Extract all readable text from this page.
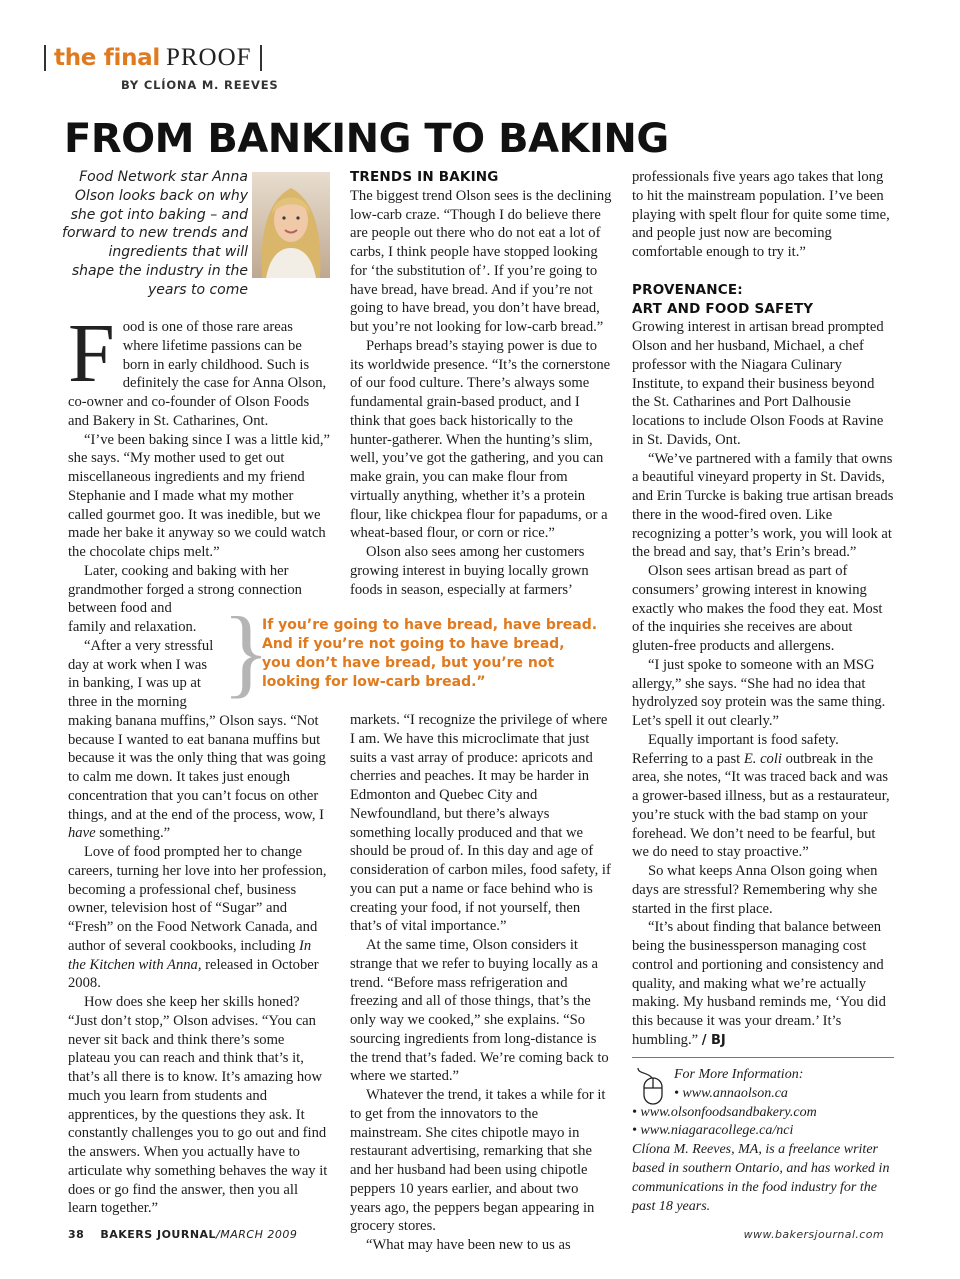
the final PROOF
BY CLÍONA M. REEVES
FROM BANKING TO BAKING
Food Network star Anna Olson looks back on why she got into baking – and forward to new trends and ingredients that will shape the industry in the years to come

Food is one of those rare areas where lifetime passions can be born in early childhood. Such is definitely the case for Anna Olson, co-owner and co-founder of Olson Foods and Bakery in St. Catharines, Ont.

“I’ve been baking since I was a little kid,” she says. “My mother used to get out miscellaneous ingredients and my friend Stephanie and I made what my mother called gourmet goo. It was inedible, but we made her bake it anyway so we could watch the chocolate chips melt.”

Later, cooking and baking with her grandmother forged a strong connection between food and

family and relaxation.

“After a very stressful

day at work when I was

in banking, I was up at

three in the morning

making banana muffins,” Olson says. “Not because I wanted to eat banana muffins but because it was the only thing that was going to calm me down. It takes just enough concentration that you can’t focus on other things, and at the end of the process, wow, I have something.”

Love of food prompted her to change careers, turning her love into her profession, becoming a professional chef, business owner, television host of “Sugar” and “Fresh” on the Food Network Canada, and author of several cookbooks, including In the Kitchen with Anna, released in October 2008.

How does she keep her skills honed? “Just don’t stop,” Olson advises. “You can never sit back and think there’s some plateau you can reach and think that’s it, that’s all there is to know. It’s amazing how much you learn from students and apprentices, by the questions they ask. It constantly challenges you to go out and find the answers. When you actually have to articulate why something behaves the way it does or go find the answer, then you all learn together.”

TRENDS IN BAKING

The biggest trend Olson sees is the declining low-carb craze. “Though I do believe there are people out there who do not eat a lot of carbs, I think people have stopped looking for ‘the substitution of’. If you’re going to have bread, have bread. And if you’re not going to have bread, you don’t have bread, but you’re not looking for low-carb bread.”

Perhaps bread’s staying power is due to its worldwide presence. “It’s the cornerstone of our food culture. There’s always some fundamental grain-based product, and I think that goes back historically to the hunter-gatherer. When the hunting’s slim, well, you’ve got the gathering, and you can make grain, you can make flour from virtually anything, whether it’s a protein flour, like chickpea flour for papadums, or a wheat-based flour, or corn or rice.”

Olson also sees among her customers growing interest in buying locally grown foods in season, especially at farmers’

}
If you’re going to have bread, have bread.
And if you’re not going to have bread,
you don’t have bread, but you’re not
looking for low-carb bread.”

markets. “I recognize the privilege of where I am. We have this microclimate that just suits a vast array of produce: apricots and cherries and peaches. It may be harder in Edmonton and Quebec City and Newfoundland, but there’s always something locally produced and that we should be proud of. In this day and age of consideration of carbon miles, food safety, if you can put a name or face behind who is creating your food, if not yourself, then that’s of vital importance.”

At the same time, Olson considers it strange that we refer to buying locally as a trend. “Before mass refrigeration and freezing and all of those things, that’s the only way we cooked,” she explains. “So sourcing ingredients from long-distance is the trend that’s faded. We’re coming back to where we started.”

Whatever the trend, it takes a while for it to get from the innovators to the mainstream. She cites chipotle mayo in restaurant advertising, remarking that she and her husband had been using chipotle peppers 10 years earlier, and about two years ago, the peppers began appearing in grocery stores.

“What may have been new to us as

professionals five years ago takes that long to hit the mainstream population. I’ve been playing with spelt flour for quite some time, and people just now are becoming comfortable enough to try it.”

PROVENANCE:
ART AND FOOD SAFETY

Growing interest in artisan bread prompted Olson and her husband, Michael, a chef professor with the Niagara Culinary Institute, to expand their business beyond the St. Catharines and Port Dalhousie locations to include Olson Foods at Ravine in St. Davids, Ont.

“We’ve partnered with a family that owns a beautiful vineyard property in St. Davids, and Erin Turcke is baking true artisan breads there in the wood-fired oven. Like recognizing a potter’s work, you will look at the bread and say, that’s Erin’s bread.”

Olson sees artisan bread as part of consumers’ growing interest in knowing exactly who makes the food they eat. Most of the inquiries she receives are about gluten-free products and allergens.

“I just spoke to someone with an MSG allergy,” she says. “She had no idea that hydrolyzed soy protein was the same thing. Let’s spell it out clearly.”

Equally important is food safety. Referring to a past E. coli outbreak in the area, she notes, “It was traced back and was a grower-based illness, but as a restaurateur, you’re stuck with the bad stamp on your forehead. We don’t need to be fearful, but we do need to stay proactive.”

So what keeps Anna Olson going when days are stressful? Remembering why she started in the first place.

“It’s about finding that balance between being the businessperson managing cost control and portioning and consistency and quality, and making what we’re actually making. My husband reminds me, ‘You did this because it was your dream.’ It’s humbling.” / BJ

For More Information:
• www.annaolson.ca
• www.olsonfoodsandbakery.com
• www.niagaracollege.ca/nci
Clíona M. Reeves, MA, is a freelance writer based in southern Ontario, and has worked in communications in the food industry for the past 18 years.
38 BAKERS JOURNAL/MARCH 2009	www.bakersjournal.com
